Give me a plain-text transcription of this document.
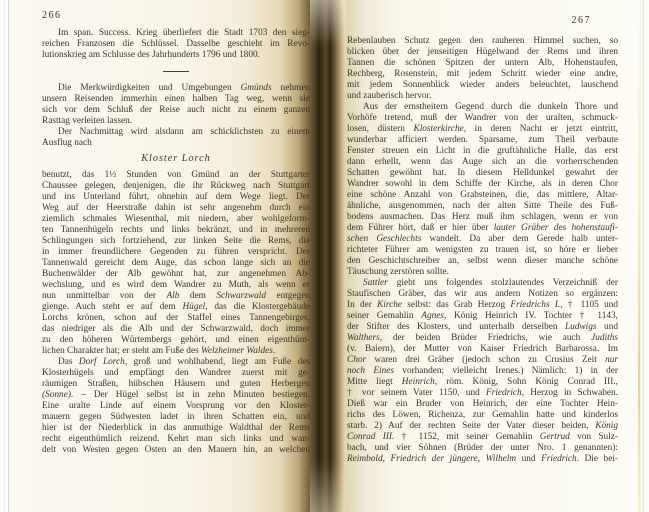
266
Im span. Success. Krieg überliefert die Stadt 1703 den sieg-
reichen Franzosen die Schlüssel. Dasselbe geschieht im Revo-
lutionskrieg am Schlusse des Jahrhunderts 1796 und 1800.
Die Merkwürdigkeiten und Umgebungen Gmünds nehmen
unsern Reisenden immerhin einen halben Tag weg, wenn sie
sich vor dem Schluß der Reise auch nicht zu einem ganzen
Rasttag verleiten lassen.
Der Nachmittag wird alsdann am schicklichsten zu einem
Ausflug nach
Kloster Lorch
benutzt, das 1½ Stunden von Gmünd an der Stuttgarter
Chaussee gelegen, denjenigen, die ihr Rückweg nach Stuttgart
und ins Unterland führt, ohnehin auf dem Wege liegt. Der
Weg auf der Heerstraße dahin ist sehr angenehm durch ein
ziemlich schmales Wiesenthal, mit niedern, aber wohlgeform-
ten Tannenhügeln rechts und links bekränzt, und in mehreren
Schlingungen sich fortziehend, zur linken Seite die Rems, die
in immer freundlichere Gegenden zu führen verspricht. Der
Tannenwald gereicht dem Auge, das schon lange sich an die
Buchenwälder der Alb gewöhnt hat, zur angenehmen Ab-
wechslung, und es wird dem Wandrer zu Muth, als wenn er
nun unmittelbar von der Alb dem Schwarzwald entgegen
gienge. Auch steht er auf dem Hügel, das die Klostergebäude
Lorchs krönen, schon auf der Staffel eines Tannengebirges,
das niedriger als die Alb und der Schwarzwald, doch immer
zu den höheren Würtembergs gehört, und einen eigenthüm-
lichen Charakter hat; er steht am Fuße des Welzheimer Waldes.
Das Dorf Lorch, groß und wohlhabend, liegt am Fuße des
Klosterhügels und empfängt den Wandrer zuerst mit ge-
räumigen Straßen, hübschen Häusern und guten Herbergen
(Sonne). – Der Hügel selbst ist in zehn Minuten bestiegen.
Eine uralte Linde auf einem Vorsprung vor den Kloster-
mauern gegen Südwesten ladet in ihren Schatten ein, und
hier ist der Niederblick in das anmuthige Waldthal der Rems
recht eigenthümlich reizend. Kehrt man sich links und wan-
delt von Westen gegen Osten an den Mauern hin, an welchen
267
Rebenlauben Schutz gegen den rauheren Himmel suchen, so
blicken über der jenseitigen Hügelwand der Rems und ihren
Tannen die schönen Spitzen der untern Alb, Hohenstaufen,
Rechberg, Rosenstein, mit jedem Schritt wieder eine andre,
mit jedem Sonnenblick wieder anders beleuchtet, lauschend
und zauberisch hervor.
Aus der ernstheitern Gegend durch die dunkeln Thore und
Vorhöfe tretend, muß der Wandrer von der uralten, schmuck-
losen, düstern Klosterkirche, in deren Nacht er jetzt eintritt,
wunderbar afficiert werden. Sparsame, zum Theil verbaute
Fenster streuen ein Licht in die gruftähnliche Halle, das erst
dann erhellt, wenn das Auge sich an die vorherrschenden
Schatten gewöhnt hat. In diesem Helldunkel gewahrt der
Wandrer sowohl in dem Schiffe der Kirche, als in deren Chor
eine schöne Anzahl von Grabsteinen, die, das mittlere, Altar-
ähnliche, ausgenommen, nach der alten Sitte Theile des Fuß-
bodens ausmachen. Das Herz muß ihm schlagen, wenn er von
dem Führer hört, daß er hier über lauter Gräber des hohenstaufi-
schen Geschlechts wandelt. Da aber dem Gerede halb unter-
richteter Führer am wenigsten zu trauen ist, so höre er lieber
den Geschichtschreiber an, selbst wenn dieser manche schöne
Täuschung zerstören sollte.
Sattler giebt uns folgendes stolzlautendes Verzeichniß der
Staufischen Gräber, das wir aus andern Notizen so ergänzen:
In der Kirche selbst: das Grab Herzog Friedrichs I., † 1105 und
seiner Gemahlin Agnes, König Heinrich IV. Tochter † 1143,
der Stifter des Klosters, und unterhalb derselben Ludwigs und
Walthers, der beiden Brüder Friedrichs, wie auch Judiths
(v. Baiern), der Mutter von Kaiser Friedrich Barbarossa. Im
Chor waren drei Gräber (jedoch schon zu Crusius Zeit nur
noch Eines vorhanden; vielleicht Irenes.) Nämlich: 1) in der
Mitte liegt Heinrich, röm. König, Sohn König Conrad III.,
† vor seinem Vater 1150, und Friedrich, Herzog in Schwaben.
Dieß war ein Bruder von Heinrich, der eine Tochter Hein-
richs des Löwen, Richenza, zur Gemahlin hatte und kinderlos
starb. 2) Auf der rechten Seite der Vater dieser beiden, König
Conrad III. † 1152, mit seiner Gemahlin Gertrud von Sulz-
bach, und vier Söhnen (Brüder der unter Nro. 1 genannten):
Reimbold, Friedrich der jüngere, Wilhelm und Friedrich. Die bei-
